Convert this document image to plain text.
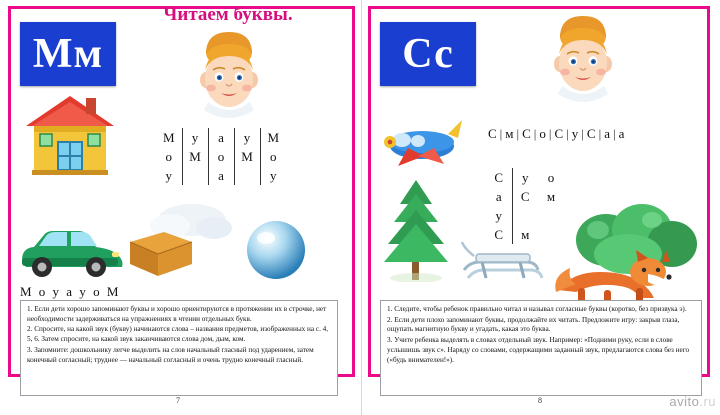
Читаем буквы.
Мм
М	у	а	у	М
о	М	о	М	о
у		а		у
М о у а у о М

1. Если дети хорошо запоминают буквы и хорошо ориентируются в протяжении их в строчке, нет необходимости задерживаться на упражнениях в чтении отдельных букв.

2. Спросите, на какой звук (букву) начинаются слова – названия предметов, изображенных на с. 4, 5, 6. Затем спросите, на какой звук заканчиваются слова дом, дым, ком.

3. Запомните: дошкольнику легче выделить на слов начальный гласный под ударением, затем конечный согласный; труднее — начальный согласный и очень трудно конечный гласный.

7
Сс
С | м | С | о | С | у | С | а | а
С	у	о
а	С	м
у		
С	м	

1. Следите, чтобы ребенок правильно читал и называл согласные буквы (коротко, без призвука э).

2. Если дети плохо запоминают буквы, продолжайте их читать. Предложите игру: закрыв глаза, ощупать магнитную букву и угадать, какая это буква.

3. Учите ребенка выделять в словах отдельный звук. Например: «Подними руку, если в слове услышишь звук с». Наряду со словами, содержащими заданный звук, предлагаются слова без него («будь внимателен!»).

8	avito.ru
